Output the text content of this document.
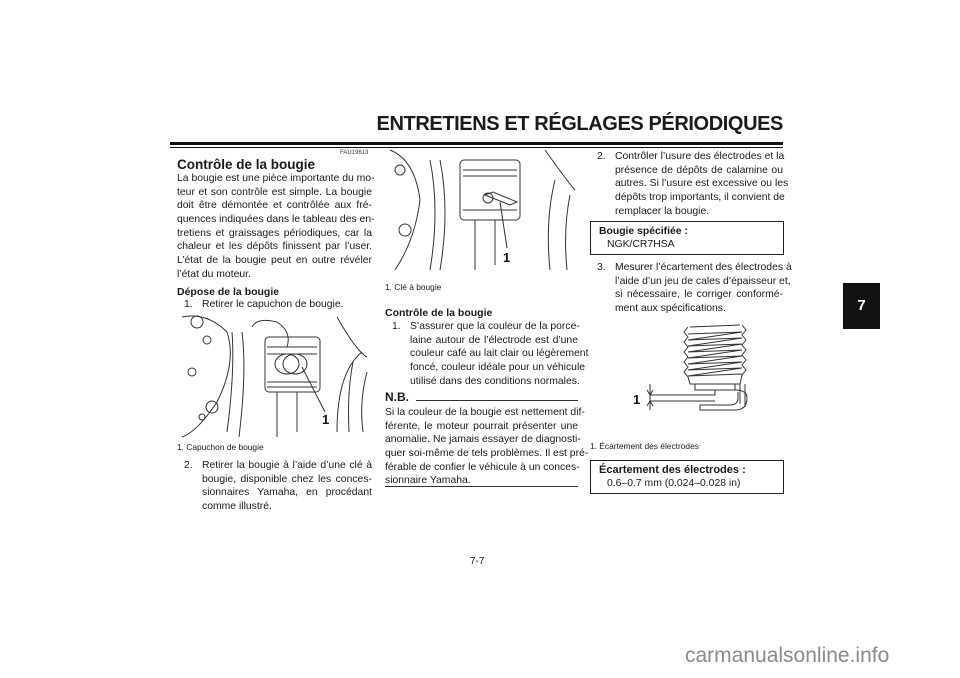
ENTRETIENS ET RÉGLAGES PÉRIODIQUES
FAU19613
Contrôle de la bougie
La bougie est une pièce importante du mo-
teur et son contrôle est simple. La bougie
doit être démontée et contrôlée aux fré-
quences indiquées dans le tableau des en-
tretiens et graissages périodiques, car la
chaleur et les dépôts finissent par l’user.
L’état de la bougie peut en outre révéler
l’état du moteur.
Dépose de la bougie
1. Retirer le capuchon de bougie.
1
1. Capuchon de bougie
2. Retirer la bougie à l’aide d’une clé à
bougie, disponible chez les conces-
sionnaires Yamaha, en procédant
comme illustré.
1
1. Clé à bougie
Contrôle de la bougie
1. S’assurer que la couleur de la porce-
laine autour de l’électrode est d’une
couleur café au lait clair ou légèrement
foncé, couleur idéale pour un véhicule
utilisé dans des conditions normales.
N.B.
Si la couleur de la bougie est nettement dif-
férente, le moteur pourrait présenter une
anomalie. Ne jamais essayer de diagnosti-
quer soi-même de tels problèmes. Il est pré-
férable de confier le véhicule à un conces-
sionnaire Yamaha.
2. Contrôler l’usure des électrodes et la
présence de dépôts de calamine ou
autres. Si l’usure est excessive ou les
dépôts trop importants, il convient de
remplacer la bougie.
Bougie spécifiée :
NGK/CR7HSA
3. Mesurer l’écartement des électrodes à
l’aide d’un jeu de cales d’épaisseur et,
si nécessaire, le corriger conformé-
ment aux spécifications.
1
1. Écartement des électrodes
Écartement des électrodes :
0.6–0.7 mm (0.024–0.028 in)
7
7-7
carmanualsonline.info
